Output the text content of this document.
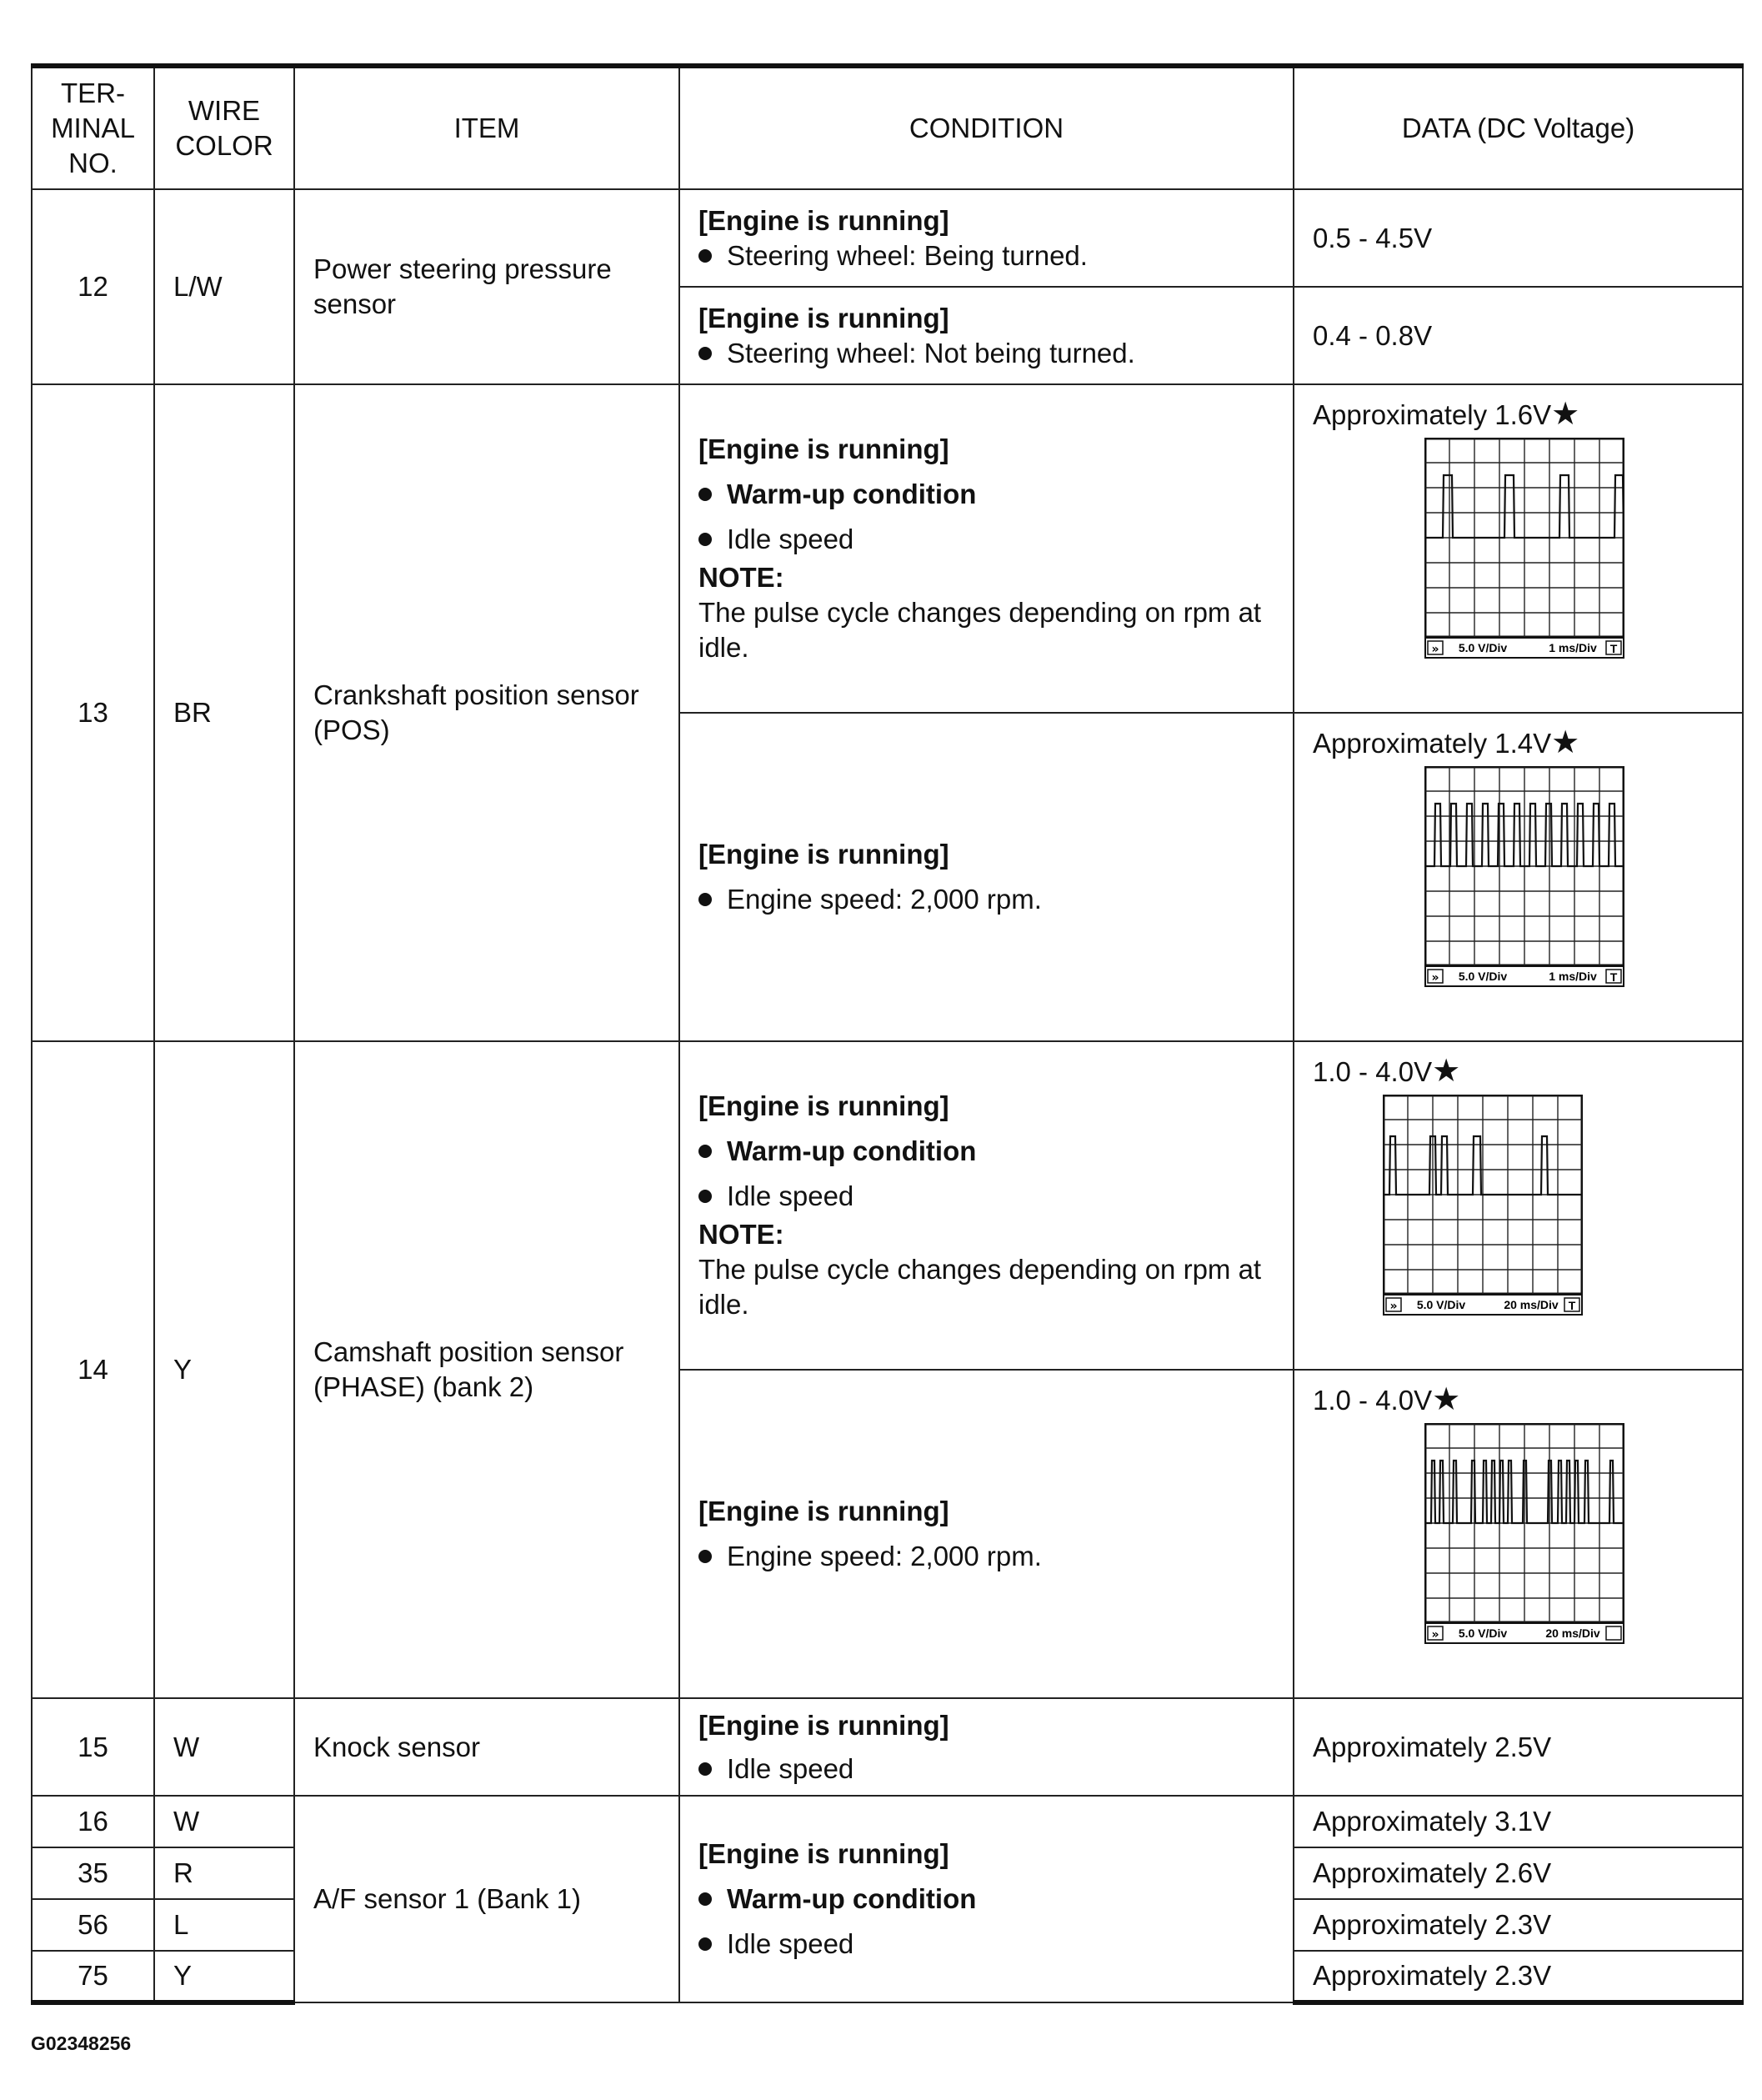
TER-
MINAL
NO.	WIRE
COLOR	ITEM	CONDITION	DATA (DC Voltage)
12	L/W	Power steering pressure sensor	[Engine is running]
Steering wheel: Being turned.	0.5 - 4.5V

			[Engine is running]
Steering wheel: Not being turned.	0.4 - 0.8V
13	BR	Crankshaft position sensor (POS)	[Engine is running]
Warm-up condition
Idle speed
NOTE:
The pulse cycle changes depending on rpm at idle.	Approximately 1.6V★
» 5.0 V/Div 1 ms/Div T

			[Engine is running]
Engine speed: 2,000 rpm.	Approximately 1.4V★
» 5.0 V/Div 1 ms/Div T

14	Y	Camshaft position sensor (PHASE) (bank 2)	[Engine is running]
Warm-up condition
Idle speed
NOTE:
The pulse cycle changes depending on rpm at idle.	1.0 - 4.0V★
» 5.0 V/Div 20 ms/Div T

			[Engine is running]
Engine speed: 2,000 rpm.	1.0 - 4.0V★
» 5.0 V/Div 20 ms/Div

15	W	Knock sensor	[Engine is running]
Idle speed	Approximately 2.5V
16	W	A/F sensor 1 (Bank 1)	[Engine is running]
Warm-up condition
Idle speed	Approximately 3.1V
35	R			Approximately 2.6V
56	L			Approximately 2.3V
75	Y			Approximately 2.3V
G02348256
